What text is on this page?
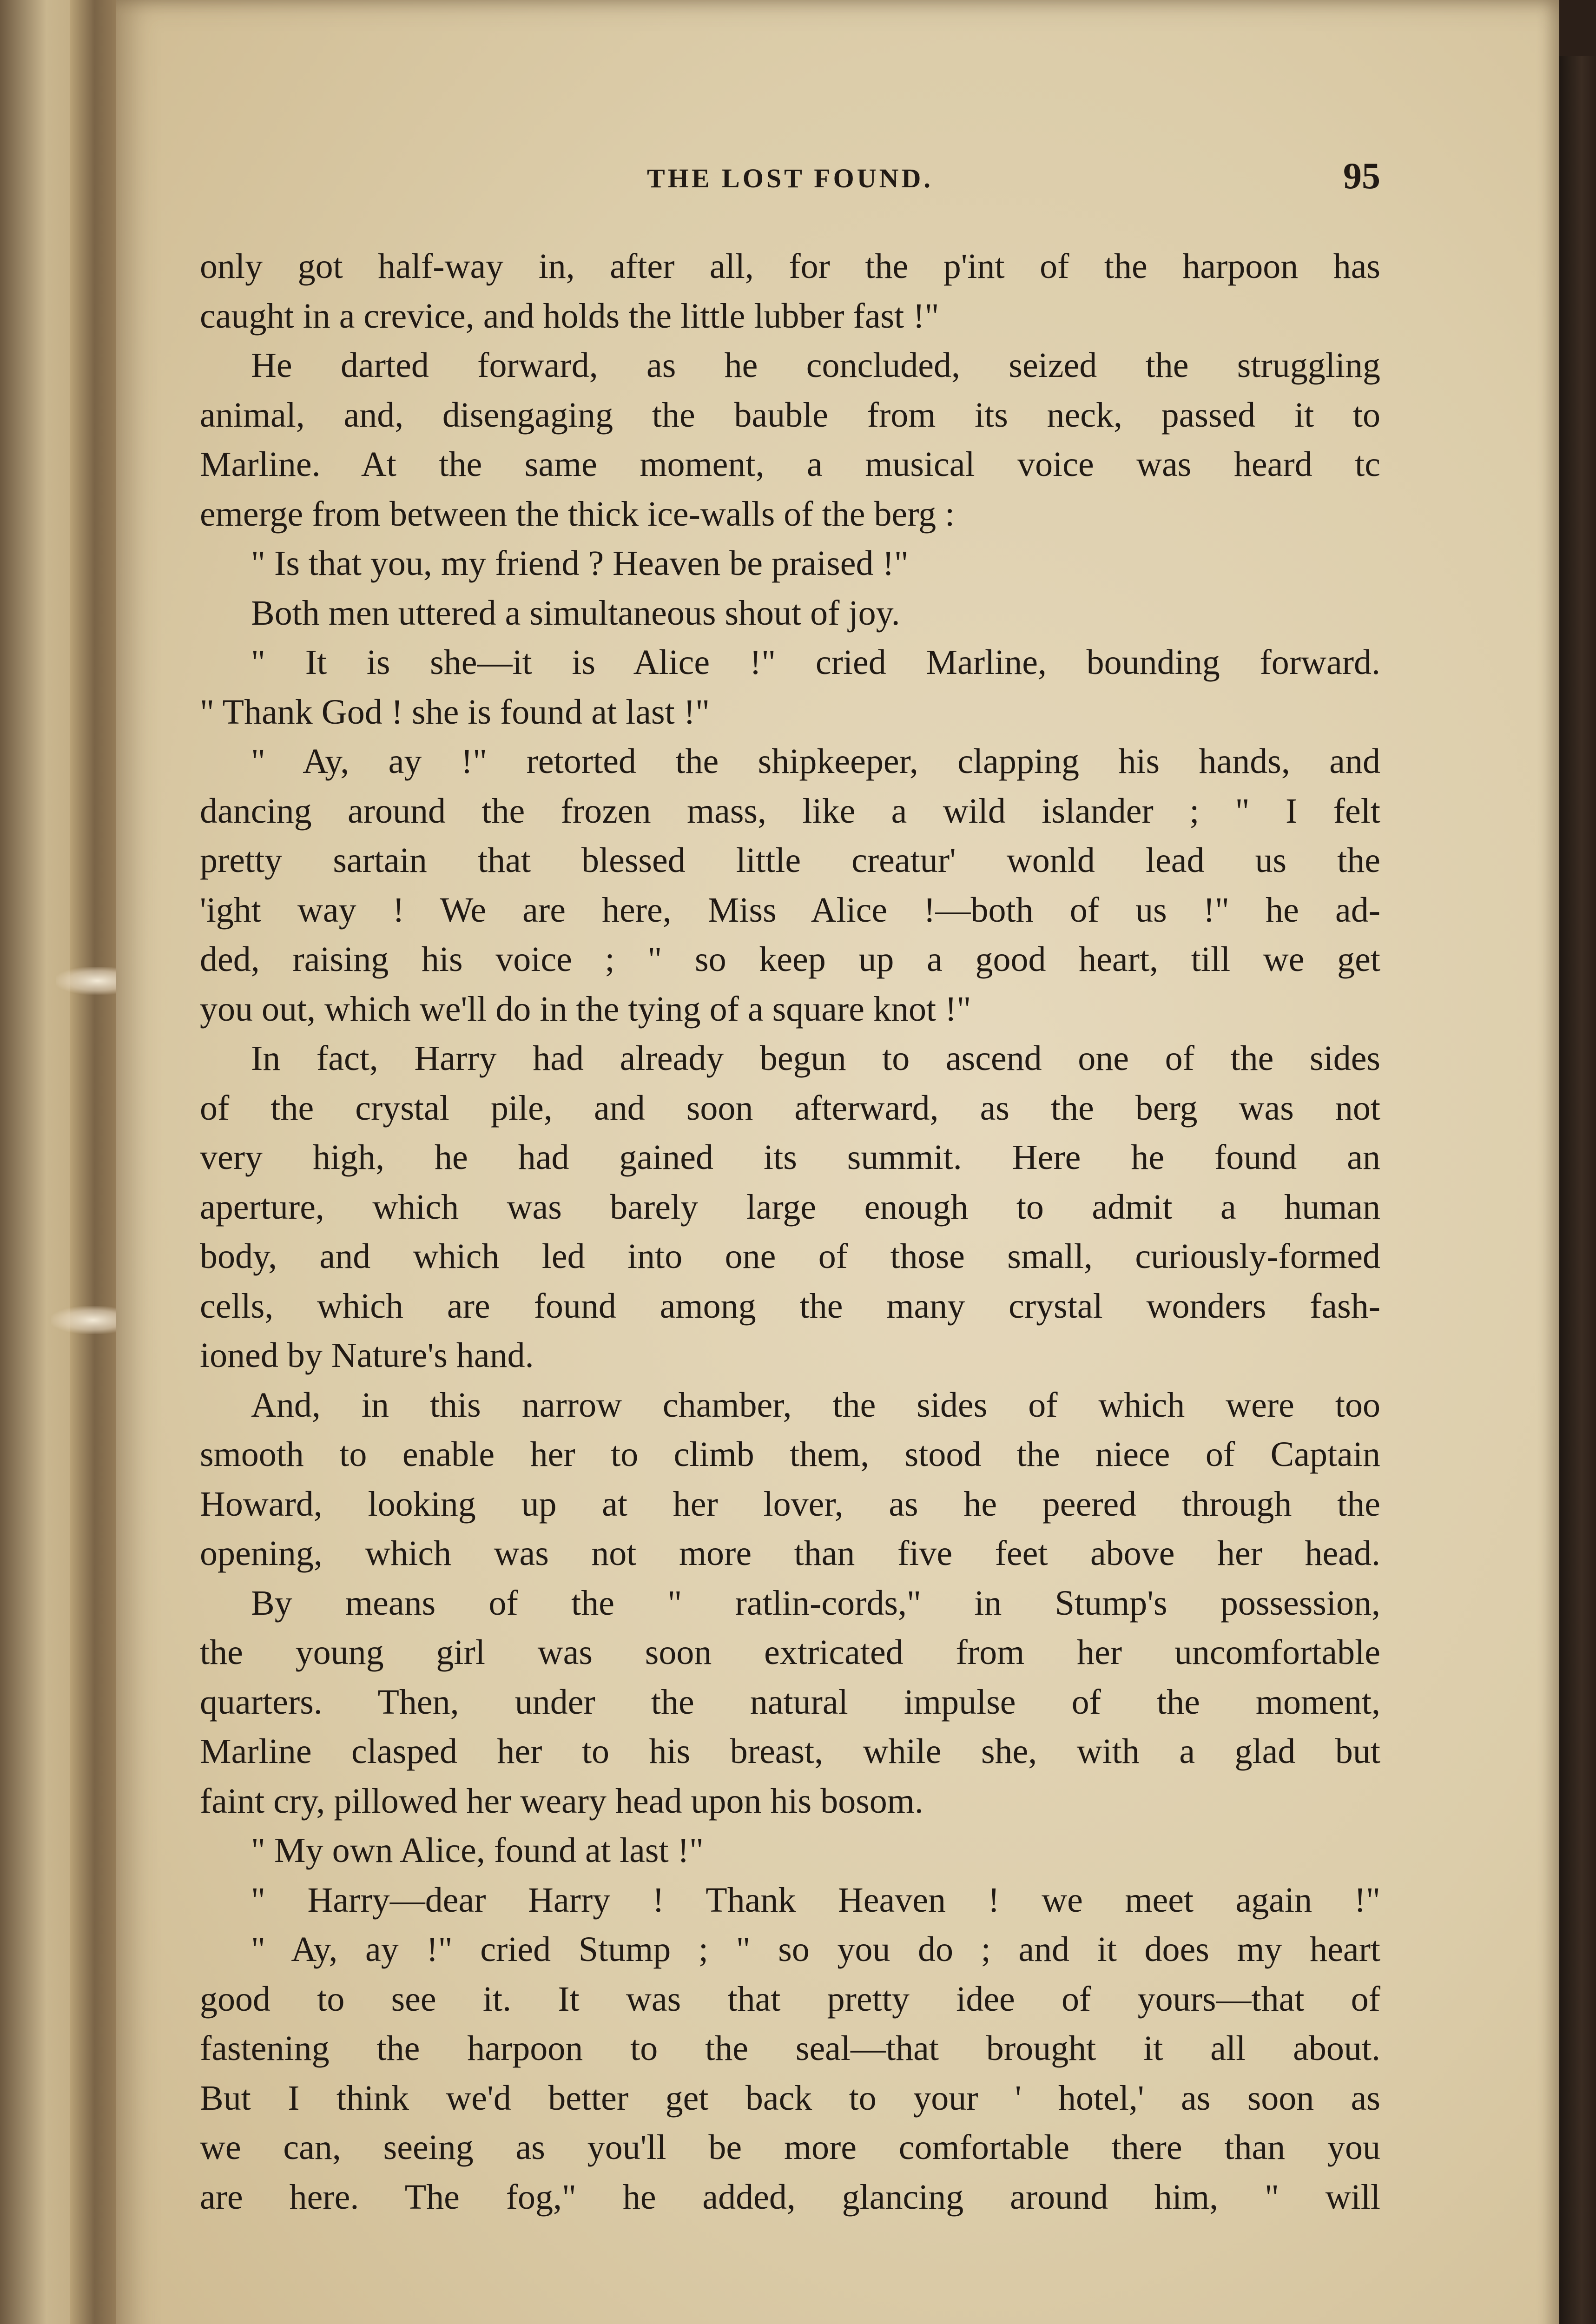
THE LOST FOUND.	95
only got half-way in, after all, for the p'int of the harpoon has
caught in a crevice, and holds the little lubber fast !"
He darted forward, as he concluded, seized the struggling
animal, and, disengaging the bauble from its neck, passed it to
Marline. At the same moment, a musical voice was heard tc
emerge from between the thick ice-walls of the berg :
" Is that you, my friend ? Heaven be praised !"
Both men uttered a simultaneous shout of joy.
" It is she—it is Alice !" cried Marline, bounding forward.
" Thank God ! she is found at last !"
" Ay, ay !" retorted the shipkeeper, clapping his hands, and
dancing around the frozen mass, like a wild islander ; " I felt
pretty sartain that blessed little creatur' wonld lead us the
'ight way ! We are here, Miss Alice !—both of us !" he ad-
ded, raising his voice ; " so keep up a good heart, till we get
you out, which we'll do in the tying of a square knot !"
In fact, Harry had already begun to ascend one of the sides
of the crystal pile, and soon afterward, as the berg was not
very high, he had gained its summit. Here he found an
aperture, which was barely large enough to admit a human
body, and which led into one of those small, curiously-formed
cells, which are found among the many crystal wonders fash-
ioned by Nature's hand.
And, in this narrow chamber, the sides of which were too
smooth to enable her to climb them, stood the niece of Captain
Howard, looking up at her lover, as he peered through the
opening, which was not more than five feet above her head.
By means of the " ratlin-cords," in Stump's possession,
the young girl was soon extricated from her uncomfortable
quarters. Then, under the natural impulse of the moment,
Marline clasped her to his breast, while she, with a glad but
faint cry, pillowed her weary head upon his bosom.
" My own Alice, found at last !"
" Harry—dear Harry ! Thank Heaven ! we meet again !"
" Ay, ay !" cried Stump ; " so you do ; and it does my heart
good to see it. It was that pretty idee of yours—that of
fastening the harpoon to the seal—that brought it all about.
But I think we'd better get back to your ' hotel,' as soon as
we can, seeing as you'll be more comfortable there than you
are here. The fog," he added, glancing around him, " will
